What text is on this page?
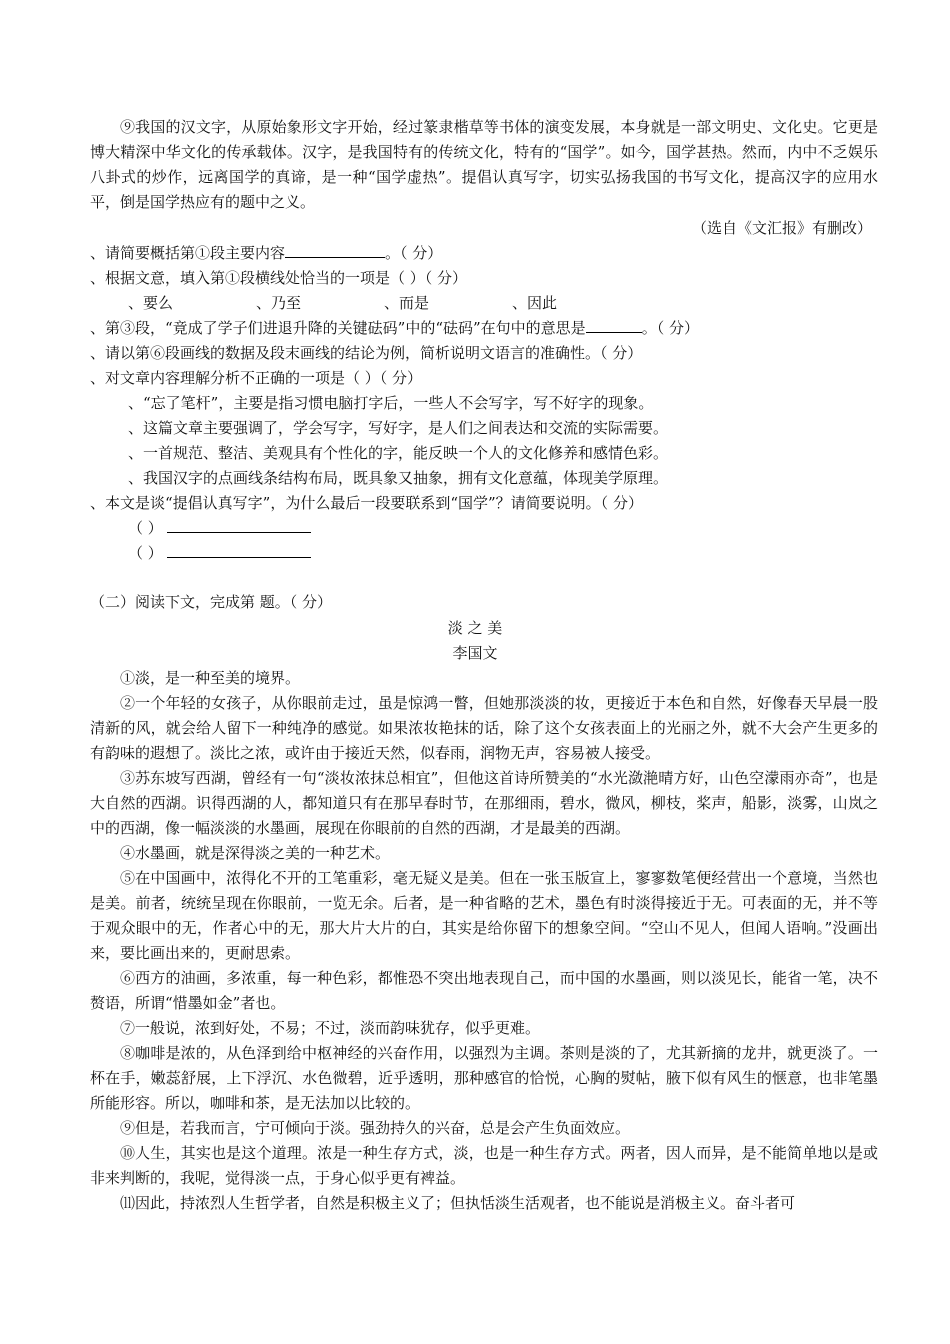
⑨我国的汉文字，从原始象形文字开始，经过篆隶楷草等书体的演变发展，本身就是一部文明史、文化史。它更是博大精深中华文化的传承载体。汉字，是我国特有的传统文化，特有的“国学”。如今，国学甚热。然而，内中不乏娱乐八卦式的炒作，远离国学的真谛，是一种“国学虚热”。提倡认真写字，切实弘扬我国的书写文化，提高汉字的应用水平，倒是国学热应有的题中之义。

（选自《文汇报》有删改）
、请简要概括第①段主要内容	。（ 分）
、根据文意，填入第①段横线处恰当的一项是（ ）（ 分）
、要么	、乃至	、而是	、因此
、第③段，“竟成了学子们进退升降的关键砝码”中的“砝码”在句中的意思是	。（ 分）
、请以第⑥段画线的数据及段末画线的结论为例，简析说明文语言的准确性。（ 分）
、对文章内容理解分析不正确的一项是（ ）（ 分）
、“忘了笔杆”，主要是指习惯电脑打字后，一些人不会写字，写不好字的现象。
、这篇文章主要强调了，学会写字，写好字，是人们之间表达和交流的实际需要。
、一首规范、整洁、美观具有个性化的字，能反映一个人的文化修养和感情色彩。
、我国汉字的点画线条结构布局，既具象又抽象，拥有文化意蕴，体现美学原理。
、本文是谈“提倡认真写字”，为什么最后一段要联系到“国学”？请简要说明。（ 分）
（ ）
（ ）
（二）阅读下文，完成第 题。（ 分）
淡 之 美
李国文

①淡，是一种至美的境界。

②一个年轻的女孩子，从你眼前走过，虽是惊鸿一瞥，但她那淡淡的妆，更接近于本色和自然，好像春天早晨一股清新的风，就会给人留下一种纯净的感觉。如果浓妆艳抹的话，除了这个女孩表面上的光丽之外，就不大会产生更多的有韵味的遐想了。淡比之浓，或许由于接近天然，似春雨，润物无声，容易被人接受。

③苏东坡写西湖，曾经有一句“淡妆浓抹总相宜”，但他这首诗所赞美的“水光潋滟晴方好，山色空濛雨亦奇”，也是大自然的西湖。识得西湖的人，都知道只有在那早春时节，在那细雨，碧水，微风，柳枝，桨声，船影，淡雾，山岚之中的西湖，像一幅淡淡的水墨画，展现在你眼前的自然的西湖，才是最美的西湖。

④水墨画，就是深得淡之美的一种艺术。

⑤在中国画中，浓得化不开的工笔重彩，毫无疑义是美。但在一张玉版宣上，寥寥数笔便经营出一个意境，当然也是美。前者，统统呈现在你眼前，一览无余。后者，是一种省略的艺术，墨色有时淡得接近于无。可表面的无，并不等于观众眼中的无，作者心中的无，那大片大片的白，其实是给你留下的想象空间。“空山不见人，但闻人语响。”没画出来，要比画出来的，更耐思索。

⑥西方的油画，多浓重，每一种色彩，都惟恐不突出地表现自己，而中国的水墨画，则以淡见长，能省一笔，决不赘语，所谓“惜墨如金”者也。

⑦一般说，浓到好处，不易；不过，淡而韵味犹存，似乎更难。

⑧咖啡是浓的，从色泽到给中枢神经的兴奋作用，以强烈为主调。茶则是淡的了，尤其新摘的龙井，就更淡了。一杯在手，嫩蕊舒展，上下浮沉、水色微碧，近乎透明，那种感官的恰悦，心胸的熨帖，腋下似有风生的惬意，也非笔墨所能形容。所以，咖啡和茶，是无法加以比较的。

⑨但是，若我而言，宁可倾向于淡。强劲持久的兴奋，总是会产生负面效应。

⑩人生，其实也是这个道理。浓是一种生存方式，淡，也是一种生存方式。两者，因人而异，是不能简单地以是或非来判断的，我呢，觉得淡一点，于身心似乎更有裨益。

⑾因此，持浓烈人生哲学者，自然是积极主义了；但执恬淡生活观者，也不能说是消极主义。奋斗者可
